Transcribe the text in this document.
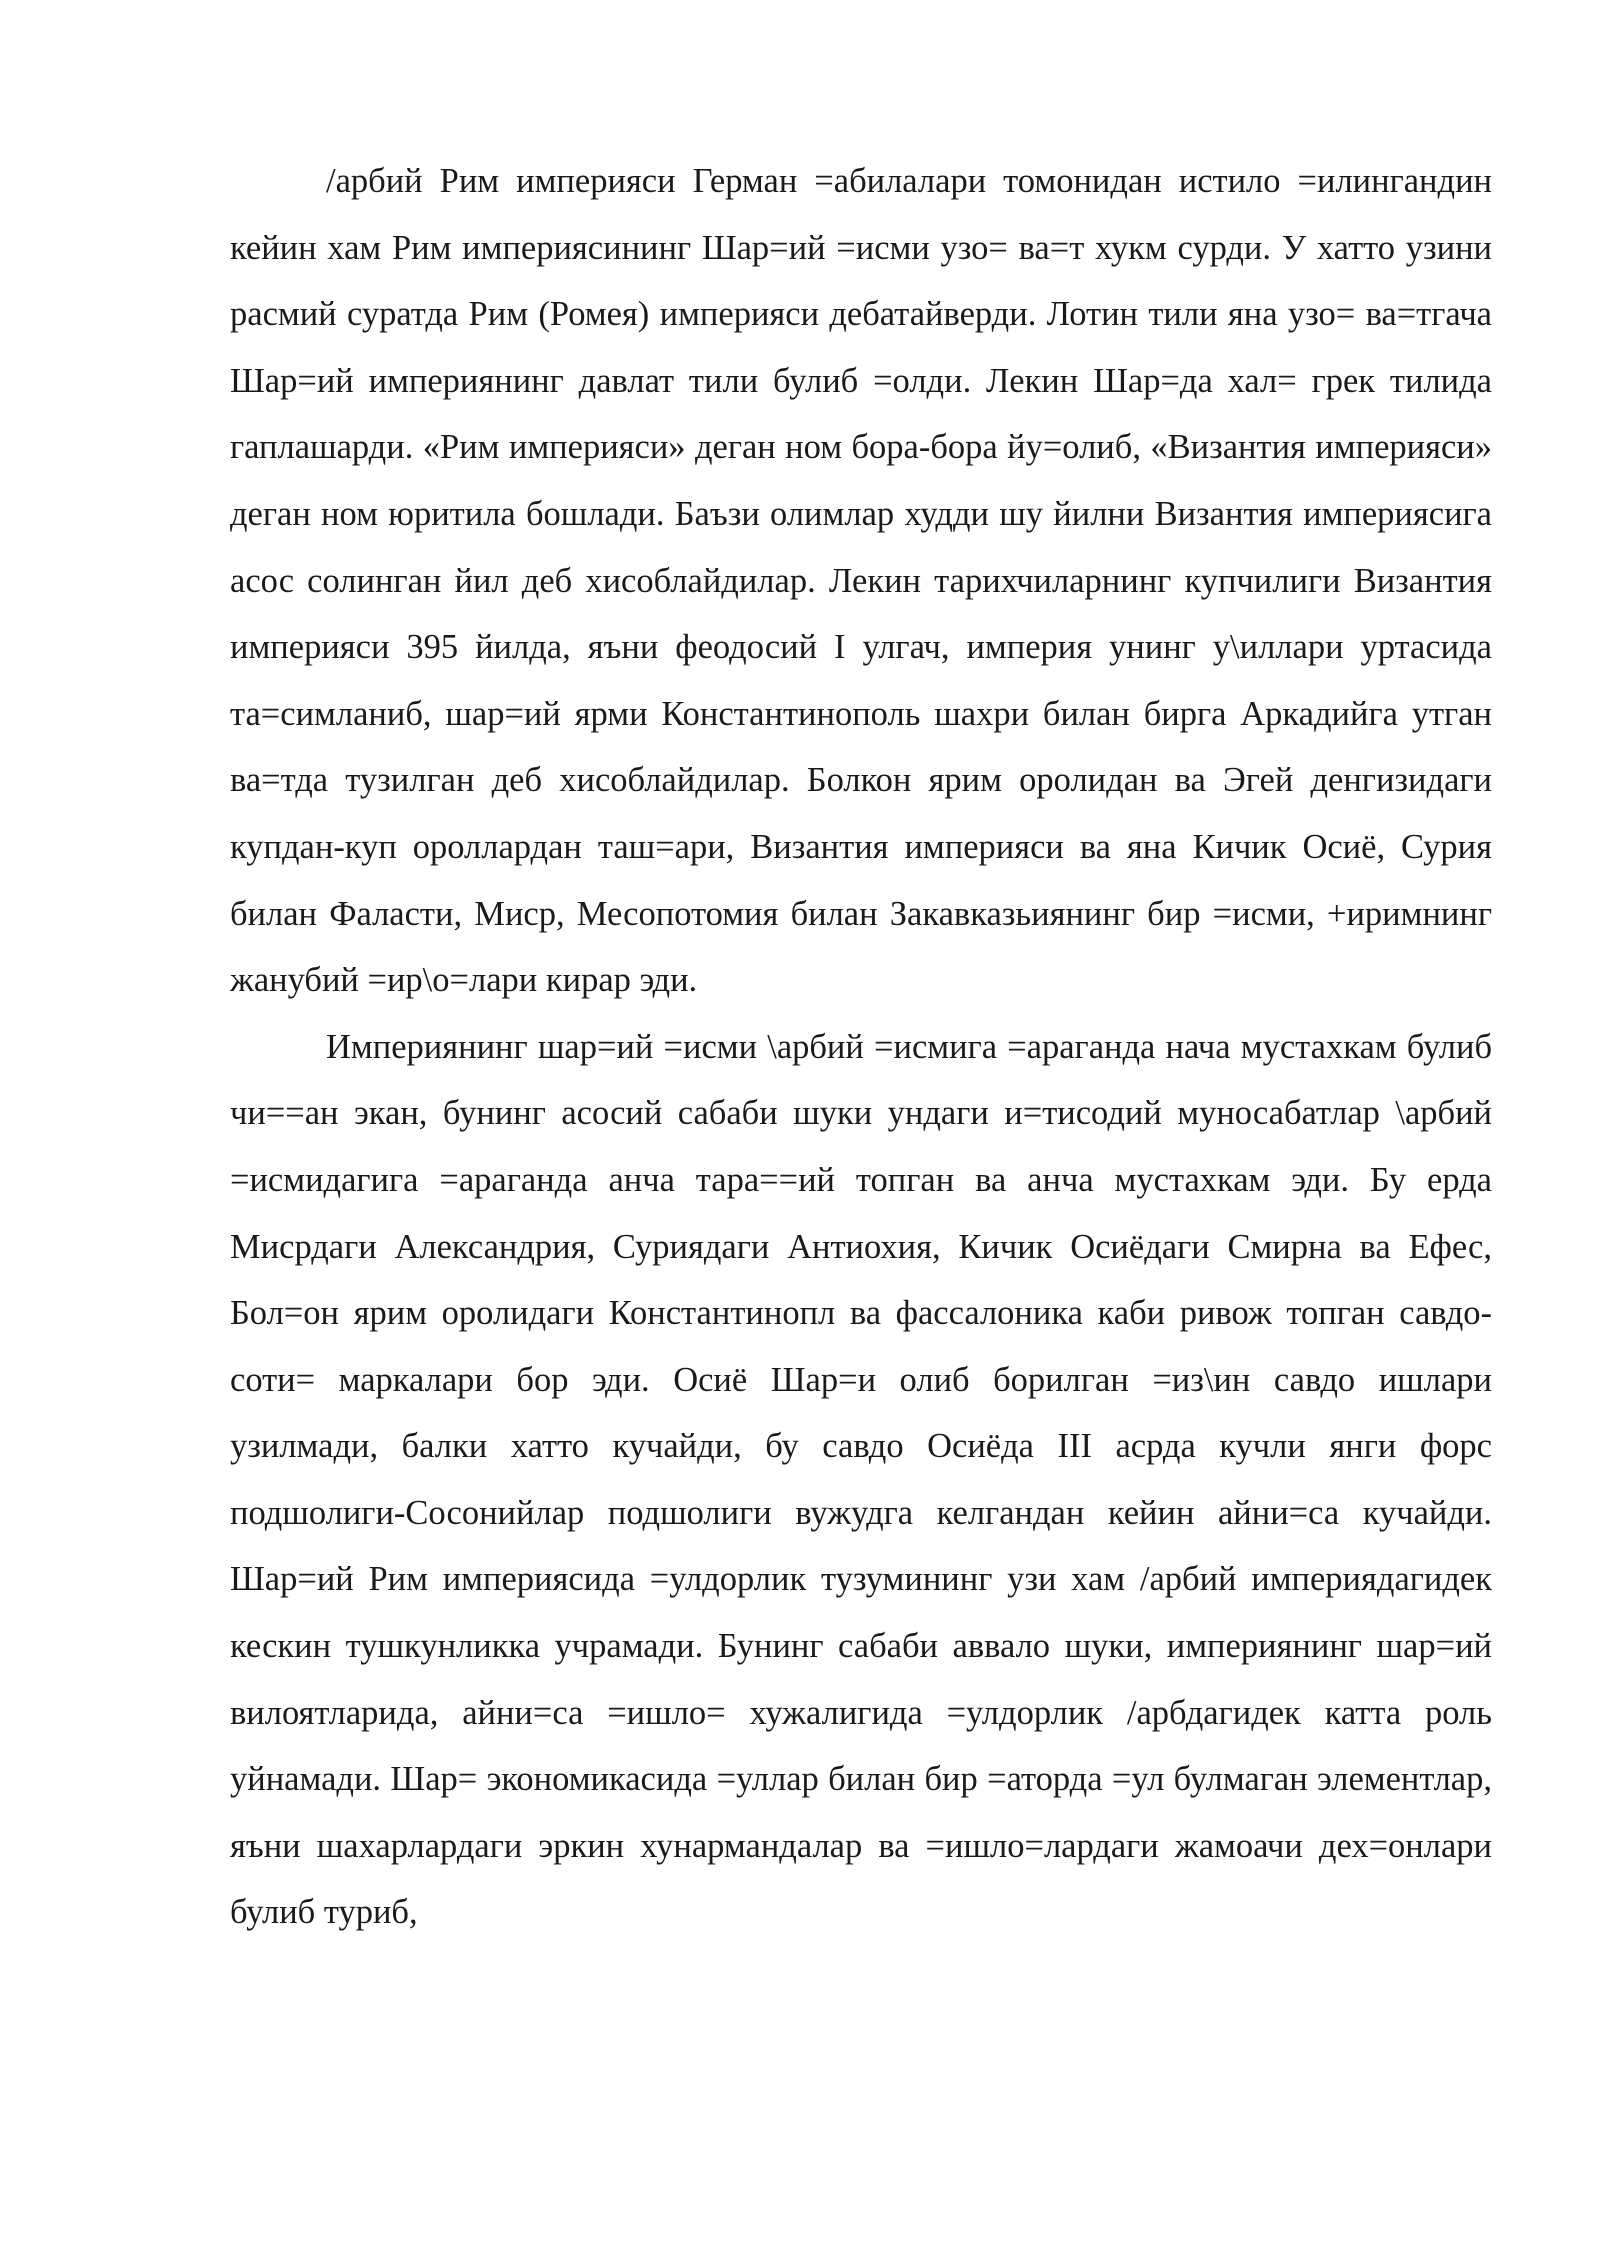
/арбий Рим империяси Герман =абилалари томонидан истило =илингандин кейин хам Рим империясининг Шар=ий =исми узо= ва=т хукм сурди. У хатто узини расмий суратда Рим (Ромея) империяси дебатайверди. Лотин тили яна узо= ва=тгача Шар=ий империянинг давлат тили булиб =олди. Лекин Шар=да хал= грек тилида гаплашарди. «Рим империяси» деган ном бора-бора йу=олиб, «Византия империяси» деган ном юритила бошлади. Баъзи олимлар худди шу йилни Византия империясига асос солинган йил деб хисоблайдилар. Лекин тарихчиларнинг купчилиги Византия империяси 395 йилда, яъни феодосий I улгач, империя унинг у\иллари уртасида та=симланиб, шар=ий ярми Константинополь шахри билан бирга Аркадийга утган ва=тда тузилган деб хисоблайдилар. Болкон ярим оролидан ва Эгей денгизидаги купдан-куп ороллардан таш=ари, Византия империяси ва яна Кичик Осиё, Сурия билан Фаласти, Миср, Месопотомия билан Закавказьиянинг бир =исми, +иримнинг жанубий =ир\о=лари кирар эди.

Империянинг шар=ий =исми \арбий =исмига =араганда нача мустахкам булиб чи==ан экан, бунинг асосий сабаби шуки ундаги и=тисодий муносабатлар \арбий =исмидагига =араганда анча тара==ий топган ва анча мустахкам эди. Бу ерда Мисрдаги Александрия, Суриядаги Антиохия, Кичик Осиёдаги Смирна ва Ефес, Бол=он ярим оролидаги Константинопл ва фассалоника каби ривож топган савдо-соти= маркалари бор эди. Осиё Шар=и олиб борилган =из\ин савдо ишлари узилмади, балки хатто кучайди, бу савдо Осиёда III асрда кучли янги форс подшолиги-Сосонийлар подшолиги вужудга келгандан кейин айни=са кучайди. Шар=ий Рим империясида =улдорлик тузумининг узи хам /арбий империядагидек кескин тушкунликка учрамади. Бунинг сабаби аввало шуки, империянинг шар=ий вилоятларида, айни=са =ишло= хужалигида =улдорлик /арбдагидек катта роль уйнамади. Шар= экономикасида =уллар билан бир =аторда =ул булмаган элементлар, яъни шахарлардаги эркин хунармандалар ва =ишло=лардаги жамоачи дех=онлари булиб туриб,
